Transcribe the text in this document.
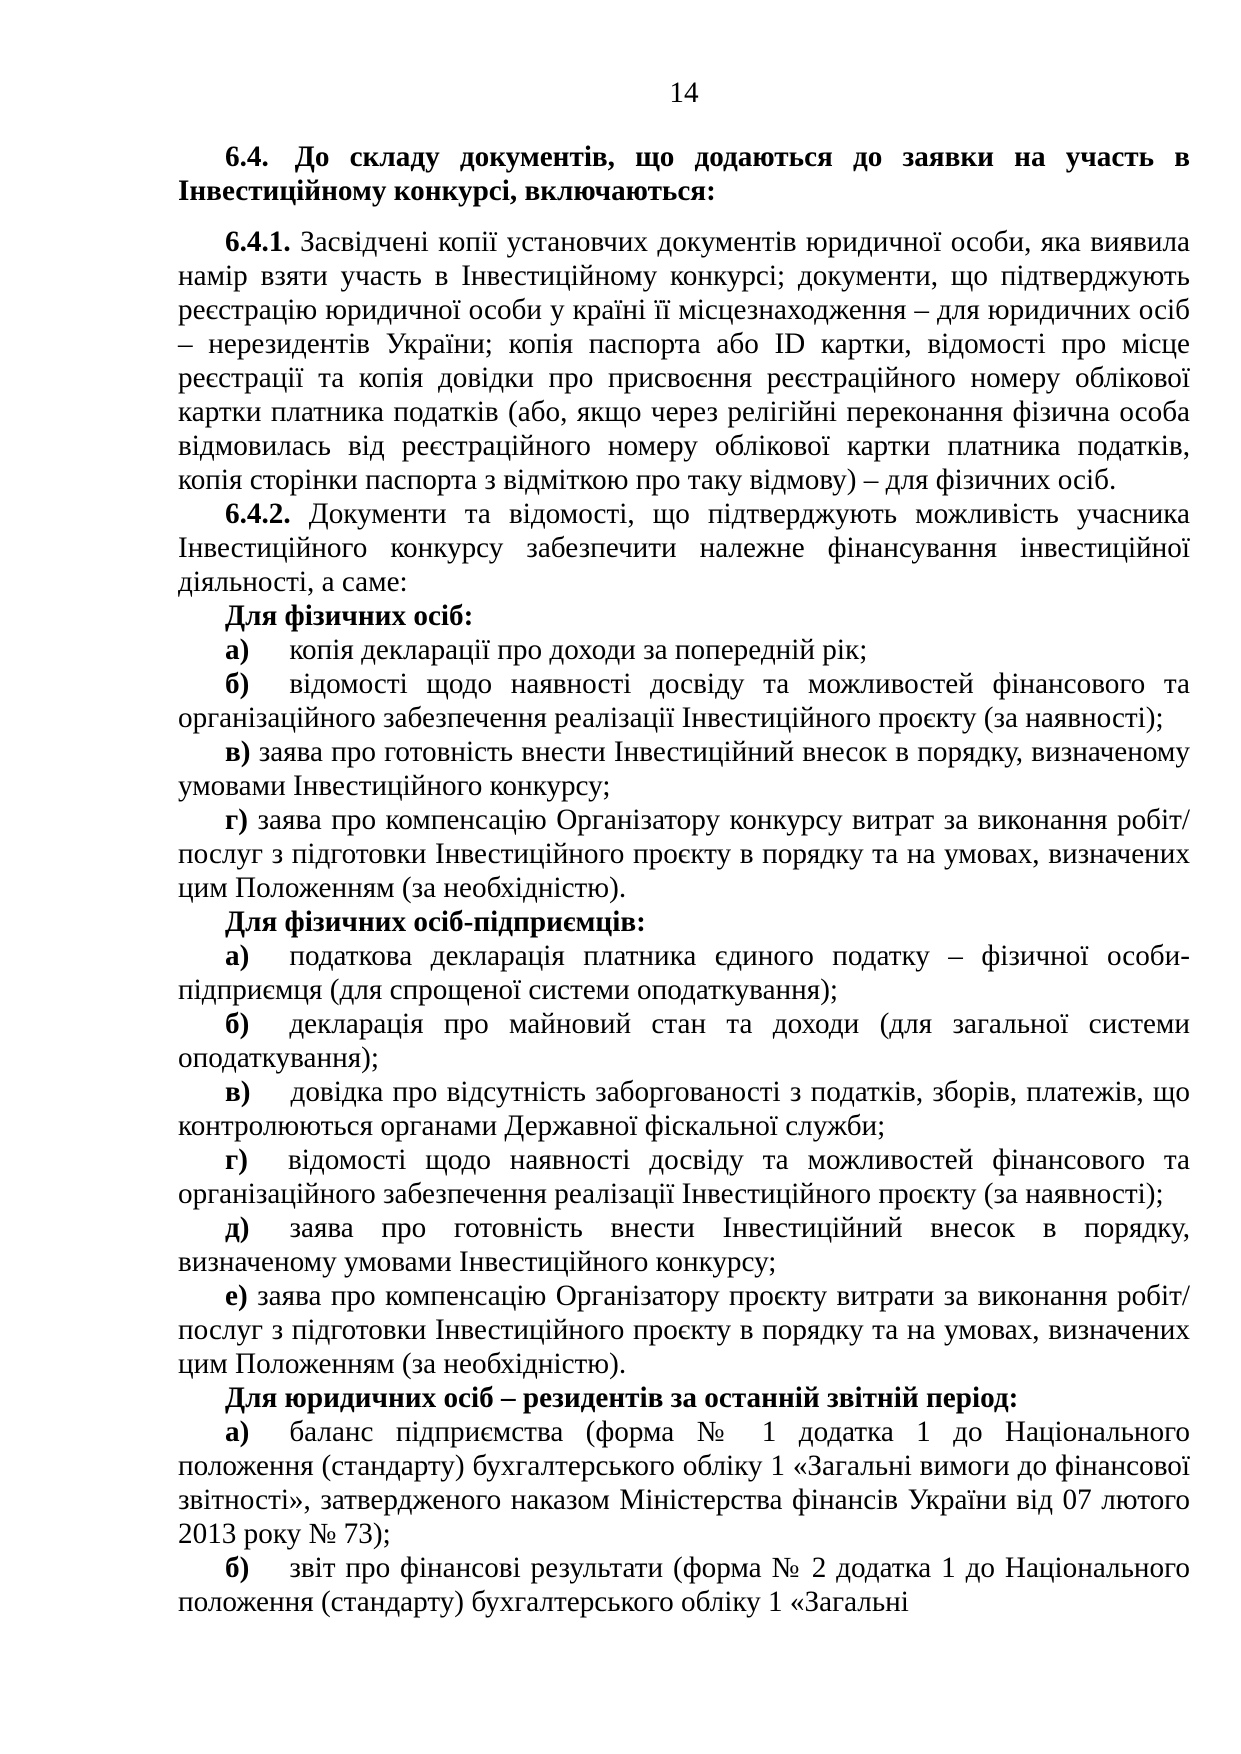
14

6.4. До складу документів, що додаються до заявки на участь в Інвестиційному конкурсі, включаються:

6.4.1. Засвідчені копії установчих документів юридичної особи, яка виявила намір взяти участь в Інвестиційному конкурсі; документи, що підтверджують реєстрацію юридичної особи у країні її місцезнаходження – для юридичних осіб – нерезидентів України; копія паспорта або ID картки, відомості про місце реєстрації та копія довідки про присвоєння реєстраційного номеру облікової картки платника податків (або, якщо через релігійні переконання фізична особа відмовилась від реєстраційного номеру облікової картки платника податків, копія сторінки паспорта з відміткою про таку відмову) – для фізичних осіб.

6.4.2. Документи та відомості, що підтверджують можливість учасника Інвестиційного конкурсу забезпечити належне фінансування інвестиційної діяльності, а саме:

Для фізичних осіб:

а) копія декларації про доходи за попередній рік;

б) відомості щодо наявності досвіду та можливостей фінансового та організаційного забезпечення реалізації Інвестиційного проєкту (за наявності);

в) заява про готовність внести Інвестиційний внесок в порядку, визначеному умовами Інвестиційного конкурсу;

г) заява про компенсацію Організатору конкурсу витрат за виконання робіт/послуг з підготовки Інвестиційного проєкту в порядку та на умовах, визначених цим Положенням (за необхідністю).

Для фізичних осіб-підприємців:

а) податкова декларація платника єдиного податку – фізичної особи-підприємця (для спрощеної системи оподаткування);

б) декларація про майновий стан та доходи (для загальної системи оподаткування);

в) довідка про відсутність заборгованості з податків, зборів, платежів, що контролюються органами Державної фіскальної служби;

г) відомості щодо наявності досвіду та можливостей фінансового та організаційного забезпечення реалізації Інвестиційного проєкту (за наявності);

д) заява про готовність внести Інвестиційний внесок в порядку, визначеному умовами Інвестиційного конкурсу;

е) заява про компенсацію Організатору проєкту витрати за виконання робіт/послуг з підготовки Інвестиційного проєкту в порядку та на умовах, визначених цим Положенням (за необхідністю).

Для юридичних осіб – резидентів за останній звітній період:

а) баланс підприємства (форма № 1 додатка 1 до Національного положення (стандарту) бухгалтерського обліку 1 «Загальні вимоги до фінансової звітності», затвердженого наказом Міністерства фінансів України від 07 лютого 2013 року № 73);

б) звіт про фінансові результати (форма № 2 додатка 1 до Національного положення (стандарту) бухгалтерського обліку 1 «Загальні
